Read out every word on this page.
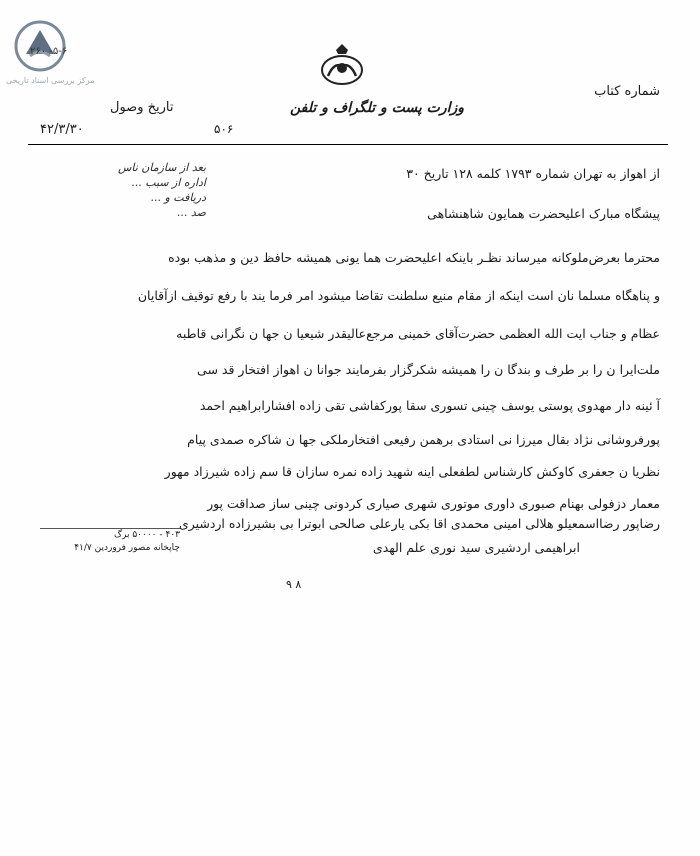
مرکز بررسی اسناد تاریخی
۲۶۰ -۵-۶
شماره کتاب
وزارت پست و تلگراف و تلفن
تاریخ وصول
۴۲/۳/۳۰	۵۰۶
بعد از سازمان ناس
اداره از سبب ...
دریافت و ...
صد ...
از اهواز به تهران شماره ۱۷۹۳ کلمه ۱۲۸ تاریخ ۳۰
پیشگاه مبارک اعلیحضرت همایون شاهنشاهی
محترما بعرض‌ملوکانه میرساند نظـر باینکه اعلیحضرت هما یونی همیشه حافظ دین و مذهب بوده
و پناهگاه مسلما نان است اینکه از مقام منیع سلطنت تقاضا میشود امر فرما یند با رفع توقیف ازآقایان
عظام و جناب ایت الله العظمی حضرت‌آقای خمینی مرجع‌عالیقدر شیعیا ن جها ن نگرانی قاطبه
ملت‌ایرا ن را بر طرف و بندگا ن را همیشه شکرگزار بفرمایند جوانا ن اهواز افتخار قد سی
آ ئینه دار مهدوی پوستی یوسف چینی تسوری سقا پورکفاشی تقی زاده افشارابراهیم احمد
پورفروشانی نژاد بقال میرزا نی استادی برهمن رفیعی افتخارملکی جها ن شاکره صمدی پیام
نظریا ن جعفری کاوکش کارشناس لطفعلی اینه شهید زاده نمره سازان قا سم زاده شیرزاد مهور
معمار دزفولی بهنام صبوری داوری موتوری شهری صیاری کردونی چینی ساز صداقت پور
رضاپور رضااسمعیلو هلالی امینی محمدی اقا بکی یارعلی صالحی ابوترا بی بشیرزاده اردشیری
ابراهیمی اردشیری سید نوری علم الهدی
۴۰۳ - ۵۰۰۰۰ برگ
چاپخانه مصور فروردین ۴۱/۷
۹ ۸
